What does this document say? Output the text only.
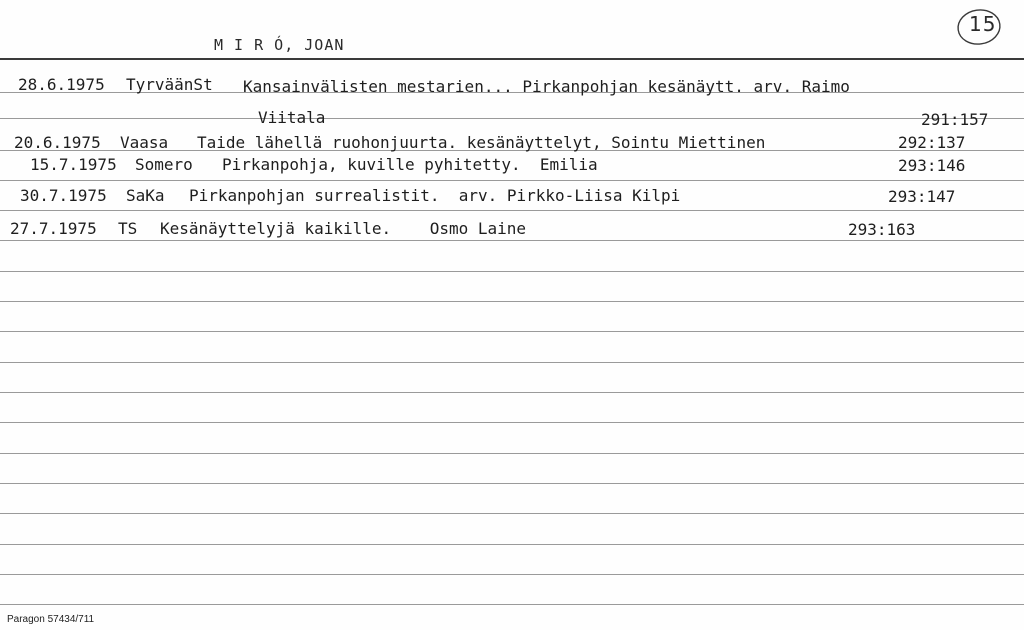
M I R Ó, JOAN
15
28.6.1975 TyrväänSt Kansainvälisten mestarien... Pirkanpohjan kesänäytt. arv. Raimo
Viitala	291:157
20.6.1975 Vaasa Taide lähellä ruohonjuurta. kesänäyttelyt, Sointu Miettinen	292:137
15.7.1975 Somero Pirkanpohja, kuville pyhitetty.  Emilia	293:146
30.7.1975 SaKa Pirkanpohjan surrealistit.  arv. Pirkko-Liisa Kilpi	293:147
27.7.1975 TS Kesänäyttelyjä kaikille.    Osmo Laine	293:163
Paragon 57434/711
